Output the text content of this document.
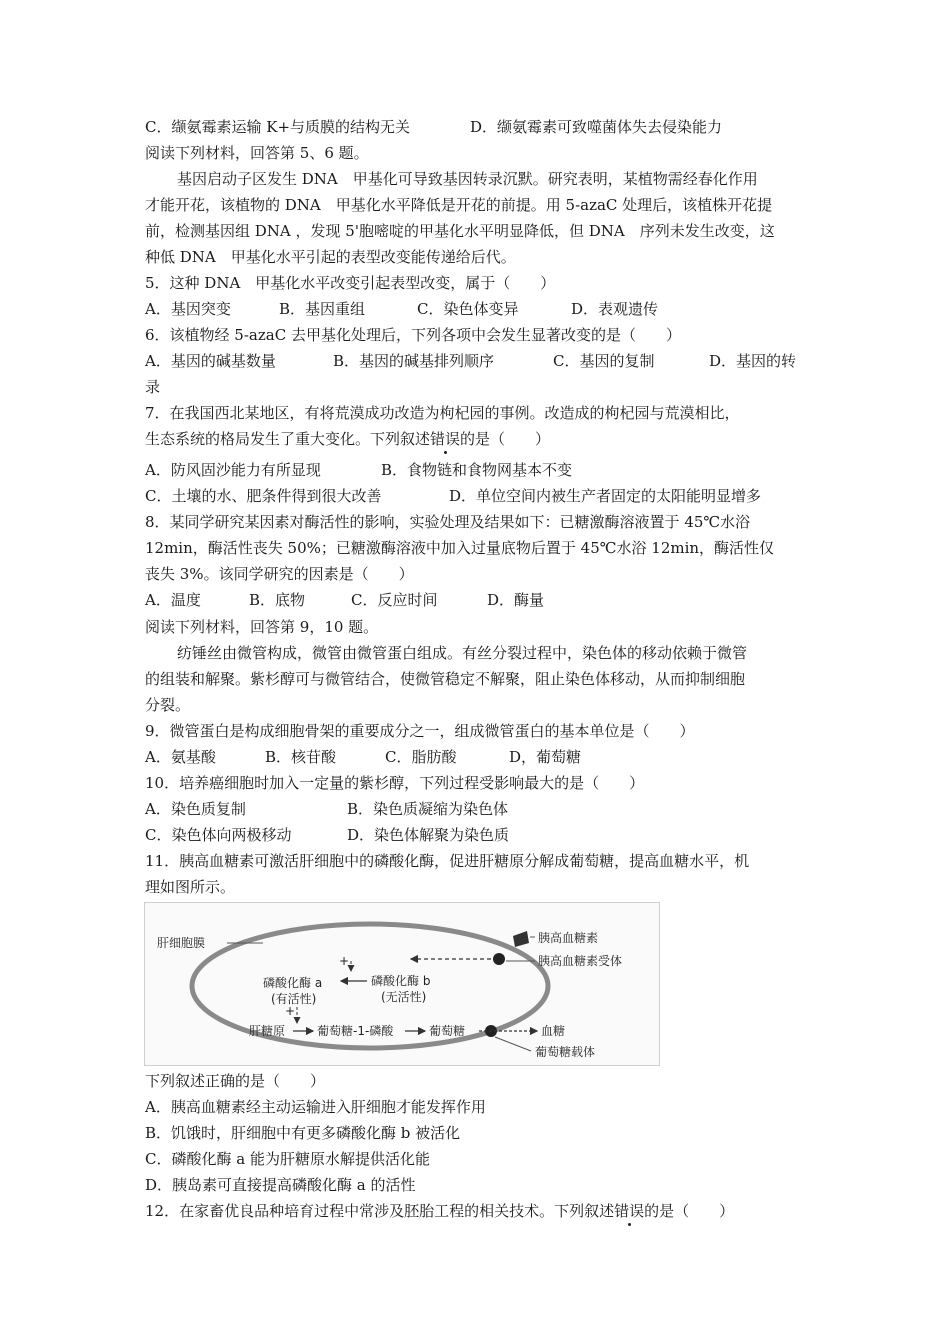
C．缬氨霉素运输 K+与质膜的结构无关	D．缬氨霉素可致噬菌体失去侵染能力
阅读下列材料，回答第 5、6 题。
基因启动子区发生 DNA　甲基化可导致基因转录沉默。研究表明，某植物需经春化作用
才能开花，该植物的 DNA　甲基化水平降低是开花的前提。用 5-azaC 处理后，该植株开花提
前，检测基因组 DNA ，发现 5'胞嘧啶的甲基化水平明显降低，但 DNA　序列未发生改变，这
种低 DNA　甲基化水平引起的表型改变能传递给后代。
5．这种 DNA　甲基化水平改变引起表型改变，属于（　　）
A．基因突变	B．基因重组	C．染色体变异	D．表观遗传
6．该植物经 5-azaC 去甲基化处理后，下列各项中会发生显著改变的是（　　）
A．基因的碱基数量	B．基因的碱基排列顺序	C．基因的复制	D．基因的转
录
7．在我国西北某地区，有将荒漠成功改造为枸杞园的事例。改造成的枸杞园与荒漠相比，
生态系统的格局发生了重大变化。下列叙述错误的是（　　）
A．防风固沙能力有所显现	B．食物链和食物网基本不变
C．土壤的水、肥条件得到很大改善	D．单位空间内被生产者固定的太阳能明显增多
8．某同学研究某因素对酶活性的影响，实验处理及结果如下：已糖激酶溶液置于 45℃水浴
12min，酶活性丧失 50%；已糖激酶溶液中加入过量底物后置于 45℃水浴 12min，酶活性仅
丧失 3%。该同学研究的因素是（　　）
A．温度	B．底物	C．反应时间	D．酶量
阅读下列材料，回答第 9，10 题。
纺锤丝由微管构成，微管由微管蛋白组成。有丝分裂过程中，染色体的移动依赖于微管
的组装和解聚。紫杉醇可与微管结合，使微管稳定不解聚，阻止染色体移动，从而抑制细胞
分裂。
9．微管蛋白是构成细胞骨架的重要成分之一，组成微管蛋白的基本单位是（　　）
A．氨基酸	B．核苷酸	C．脂肪酸	D，葡萄糖
10．培养癌细胞时加入一定量的紫杉醇，下列过程受影响最大的是（　　）
A．染色质复制	B．染色质凝缩为染色体
C．染色体向两极移动	D．染色体解聚为染色质
11．胰高血糖素可激活肝细胞中的磷酸化酶，促进肝糖原分解成葡萄糖，提高血糖水平，机
理如图所示。
肝细胞膜	胰高血糖素
胰高血糖素受体
+
磷酸化酶 a
(有活性)
磷酸化酶 b
(无活性)
+
肝糖原	葡萄糖-1-磷酸	葡萄糖	血糖
葡萄糖载体
下列叙述正确的是（　　）
A．胰高血糖素经主动运输进入肝细胞才能发挥作用
B．饥饿时，肝细胞中有更多磷酸化酶 b 被活化
C．磷酸化酶 a 能为肝糖原水解提供活化能
D．胰岛素可直接提高磷酸化酶 a 的活性
12．在家畜优良品种培育过程中常涉及胚胎工程的相关技术。下列叙述错误的是（　　）
